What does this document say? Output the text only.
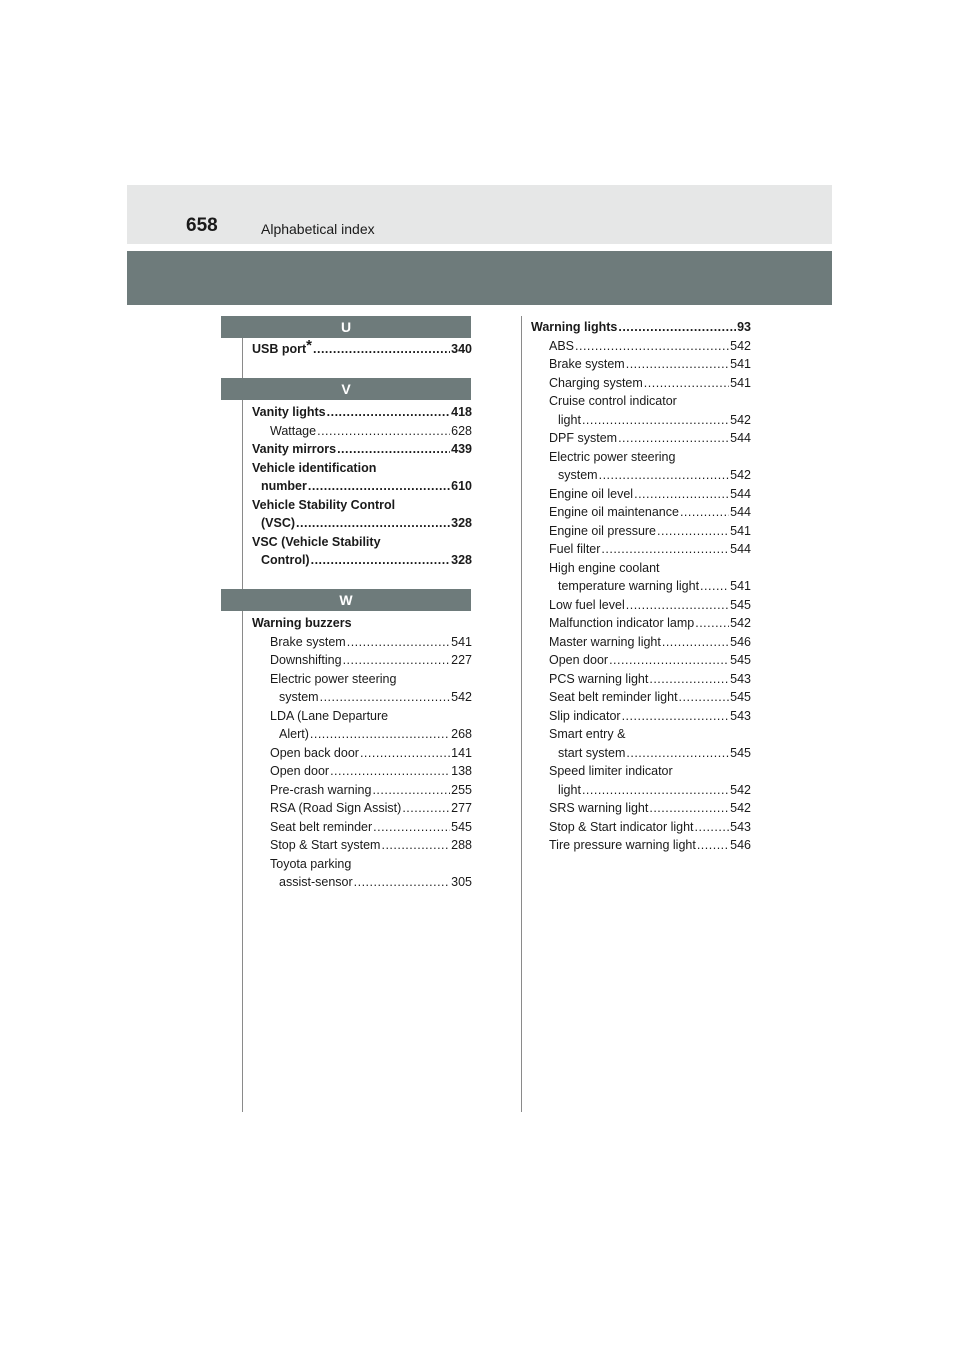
658	Alphabetical index
U
USB port* .....	340
V
Vanity lights .....	418
Wattage .....	628
Vanity mirrors .....	439
Vehicle identification
number .....	610
Vehicle Stability Control
(VSC) .....	328
VSC (Vehicle Stability
Control) .....	328
W
Warning buzzers
Brake system .....	541
Downshifting .....	227
Electric power steering
system .....	542
LDA (Lane Departure
Alert) .....	268
Open back door .....	141
Open door .....	138
Pre-crash warning .....	255
RSA (Road Sign Assist) .....	277
Seat belt reminder .....	545
Stop & Start system .....	288
Toyota parking
assist-sensor .....	305
Warning lights .....	93
ABS .....	542
Brake system .....	541
Charging system .....	541
Cruise control indicator
light .....	542
DPF system .....	544
Electric power steering
system .....	542
Engine oil level .....	544
Engine oil maintenance .....	544
Engine oil pressure .....	541
Fuel filter .....	544
High engine coolant
temperature warning light ..... 541
Low fuel level .....	545
Malfunction indicator lamp .....	542
Master warning light .....	546
Open door .....	545
PCS warning light .....	543
Seat belt reminder light .....	545
Slip indicator .....	543
Smart entry &
start system .....	545
Speed limiter indicator
light .....	542
SRS warning light .....	542
Stop & Start indicator light .....	543
Tire pressure warning light .....	546
